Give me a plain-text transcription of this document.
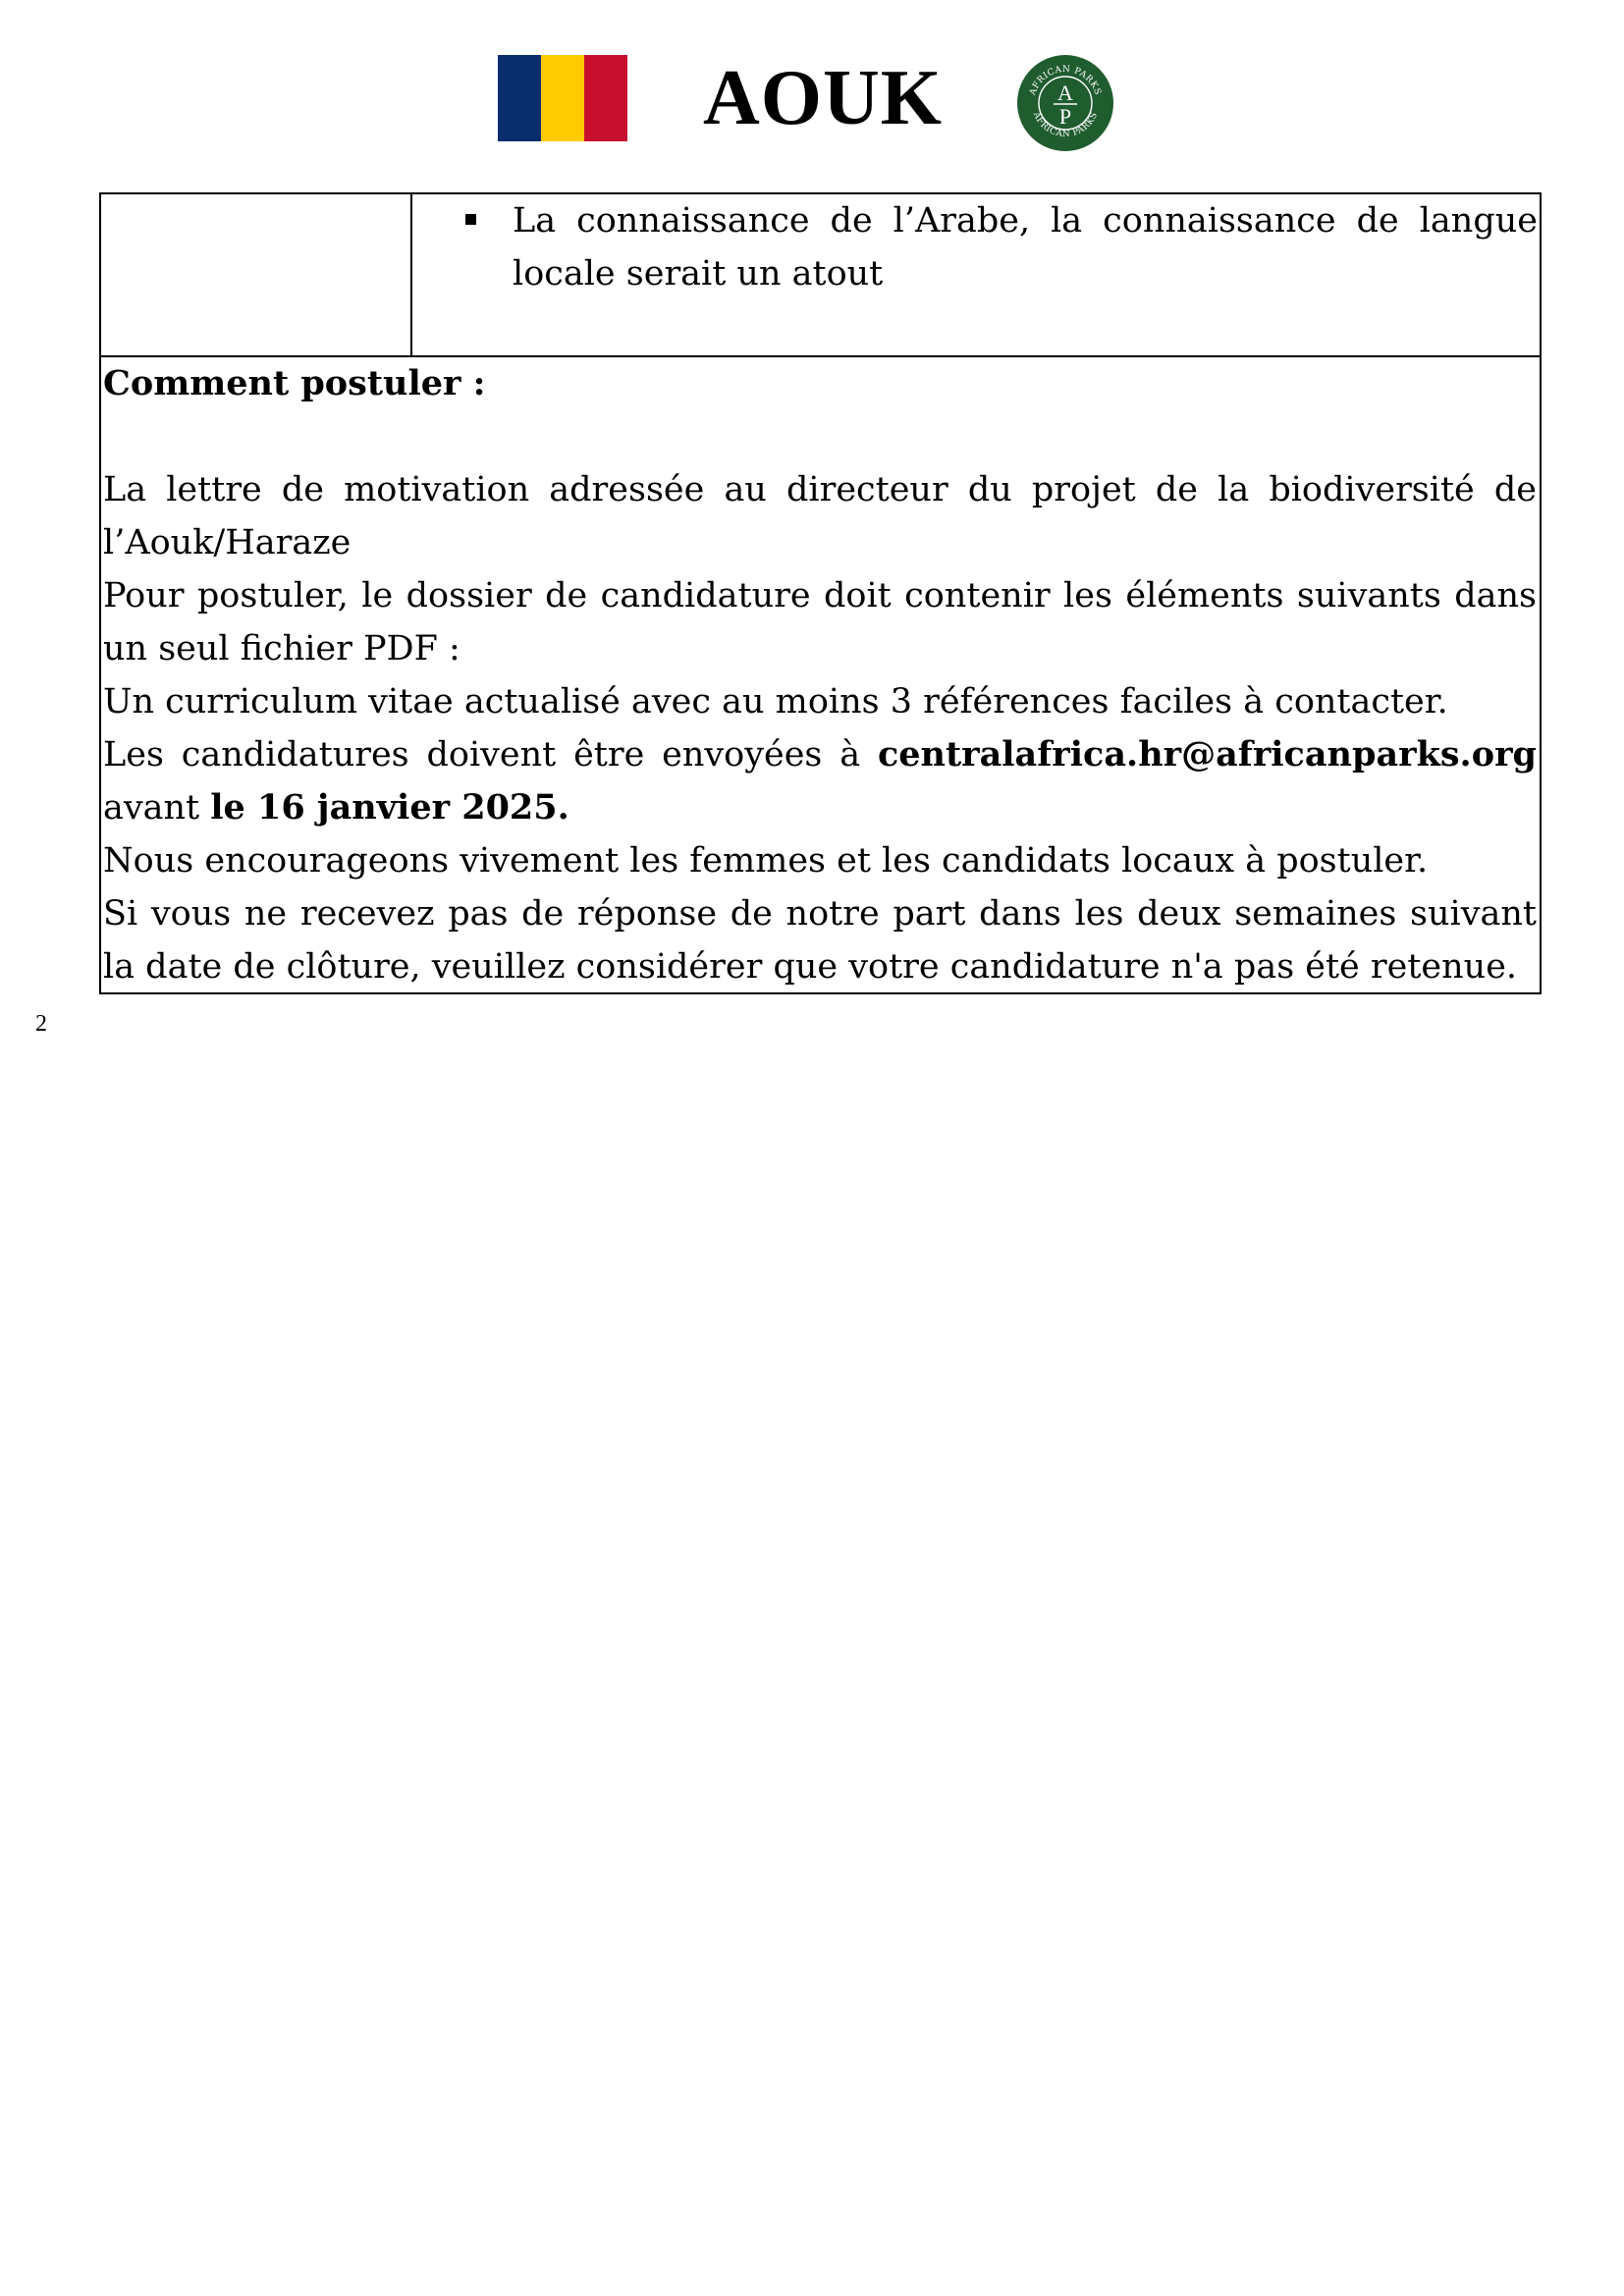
AOUK	AFRICAN PARKS
AFRICAN PARKS
A
P
La connaissance de l’Arabe, la connaissance de langue locale serait un atout

Comment postuler :

La lettre de motivation adressée au directeur du projet de la biodiversité de l’Aouk/Haraze

Pour postuler, le dossier de candidature doit contenir les éléments suivants dans un seul fichier PDF :

Un curriculum vitae actualisé avec au moins 3 références faciles à contacter.

Les candidatures doivent être envoyées à centralafrica.hr@africanparks.org avant le 16 janvier 2025.

Nous encourageons vivement les femmes et les candidats locaux à postuler.

Si vous ne recevez pas de réponse de notre part dans les deux semaines suivant la date de clôture, veuillez considérer que votre candidature n'a pas été retenue.

2
